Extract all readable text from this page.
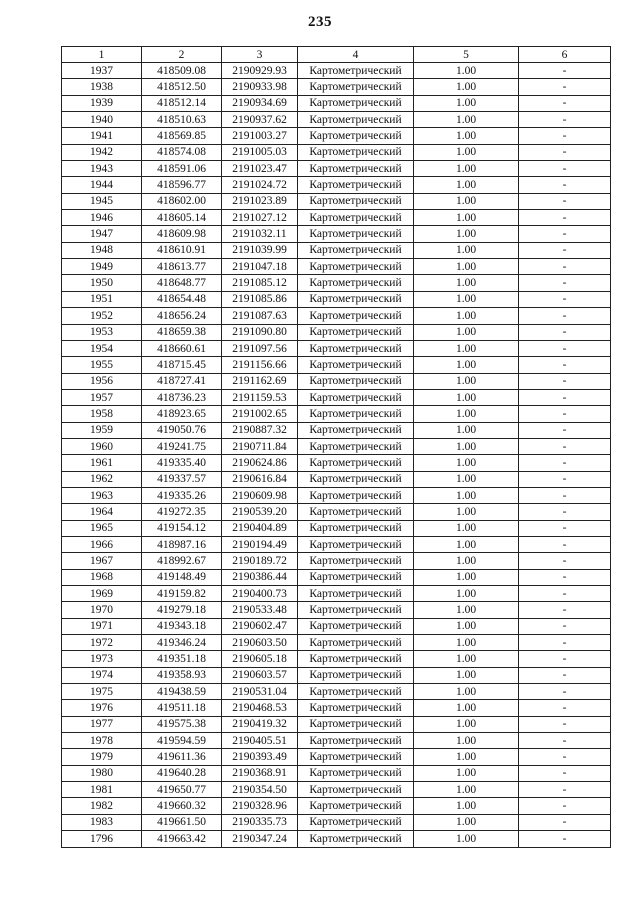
235
1	2	3	4	5	6
1937	418509.08	2190929.93	Картометрический	1.00	-
1938	418512.50	2190933.98	Картометрический	1.00	-
1939	418512.14	2190934.69	Картометрический	1.00	-
1940	418510.63	2190937.62	Картометрический	1.00	-
1941	418569.85	2191003.27	Картометрический	1.00	-
1942	418574.08	2191005.03	Картометрический	1.00	-
1943	418591.06	2191023.47	Картометрический	1.00	-
1944	418596.77	2191024.72	Картометрический	1.00	-
1945	418602.00	2191023.89	Картометрический	1.00	-
1946	418605.14	2191027.12	Картометрический	1.00	-
1947	418609.98	2191032.11	Картометрический	1.00	-
1948	418610.91	2191039.99	Картометрический	1.00	-
1949	418613.77	2191047.18	Картометрический	1.00	-
1950	418648.77	2191085.12	Картометрический	1.00	-
1951	418654.48	2191085.86	Картометрический	1.00	-
1952	418656.24	2191087.63	Картометрический	1.00	-
1953	418659.38	2191090.80	Картометрический	1.00	-
1954	418660.61	2191097.56	Картометрический	1.00	-
1955	418715.45	2191156.66	Картометрический	1.00	-
1956	418727.41	2191162.69	Картометрический	1.00	-
1957	418736.23	2191159.53	Картометрический	1.00	-
1958	418923.65	2191002.65	Картометрический	1.00	-
1959	419050.76	2190887.32	Картометрический	1.00	-
1960	419241.75	2190711.84	Картометрический	1.00	-
1961	419335.40	2190624.86	Картометрический	1.00	-
1962	419337.57	2190616.84	Картометрический	1.00	-
1963	419335.26	2190609.98	Картометрический	1.00	-
1964	419272.35	2190539.20	Картометрический	1.00	-
1965	419154.12	2190404.89	Картометрический	1.00	-
1966	418987.16	2190194.49	Картометрический	1.00	-
1967	418992.67	2190189.72	Картометрический	1.00	-
1968	419148.49	2190386.44	Картометрический	1.00	-
1969	419159.82	2190400.73	Картометрический	1.00	-
1970	419279.18	2190533.48	Картометрический	1.00	-
1971	419343.18	2190602.47	Картометрический	1.00	-
1972	419346.24	2190603.50	Картометрический	1.00	-
1973	419351.18	2190605.18	Картометрический	1.00	-
1974	419358.93	2190603.57	Картометрический	1.00	-
1975	419438.59	2190531.04	Картометрический	1.00	-
1976	419511.18	2190468.53	Картометрический	1.00	-
1977	419575.38	2190419.32	Картометрический	1.00	-
1978	419594.59	2190405.51	Картометрический	1.00	-
1979	419611.36	2190393.49	Картометрический	1.00	-
1980	419640.28	2190368.91	Картометрический	1.00	-
1981	419650.77	2190354.50	Картометрический	1.00	-
1982	419660.32	2190328.96	Картометрический	1.00	-
1983	419661.50	2190335.73	Картометрический	1.00	-
1796	419663.42	2190347.24	Картометрический	1.00	-
